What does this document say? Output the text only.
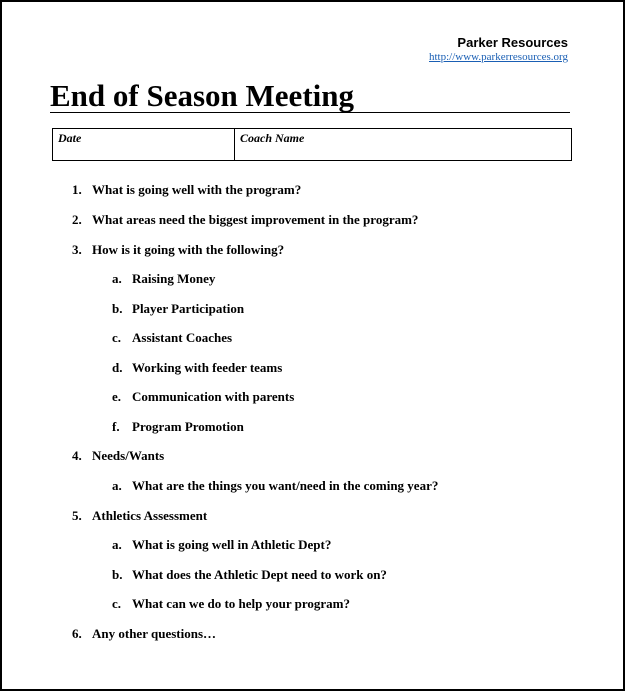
Parker Resources
http://www.parkerresources.org
End of Season Meeting
Date	Coach Name
1. What is going well with the program?
2. What areas need the biggest improvement in the program?
3. How is it going with the following?
a. Raising Money
b. Player Participation
c. Assistant Coaches
d. Working with feeder teams
e. Communication with parents
f. Program Promotion
4. Needs/Wants
a. What are the things you want/need in the coming year?
5. Athletics Assessment
a. What is going well in Athletic Dept?
b. What does the Athletic Dept need to work on?
c. What can we do to help your program?
6. Any other questions…
